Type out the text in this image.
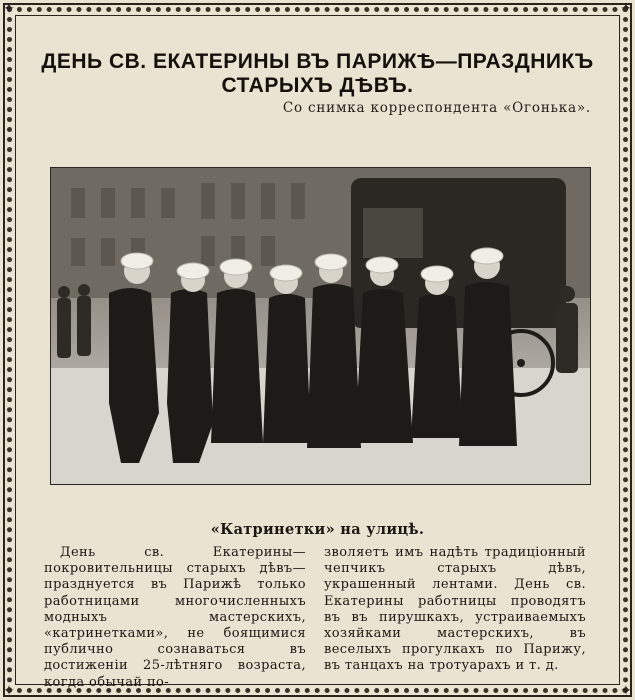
✦	✦
✦	✦
ДЕНЬ СВ. ЕКАТЕРИНЫ ВЪ ПАРИЖѢ—ПРАЗДНИКЪ
СТАРЫХЪ ДѢВЪ.
Со снимка корреспондента «Огонька».
«Катринетки» на улицѣ.

День св. Екатерины—покровительницы старыхъ дѣвъ—празднуется въ Парижѣ только работницами многочисленныхъ модныхъ мастерскихъ, «катринетками», не боящимися публично сознаваться въ достиженіи 25-лѣтняго возраста, когда обычай по-

зволяетъ имъ надѣть традиціонный чепчикъ старыхъ дѣвъ, украшенный лентами. День св. Екатерины работницы проводятъ въ въ пирушкахъ, устраиваемыхъ хозяйками мастерскихъ, въ веселыхъ прогулкахъ по Парижу, въ танцахъ на тротуарахъ и т. д.
